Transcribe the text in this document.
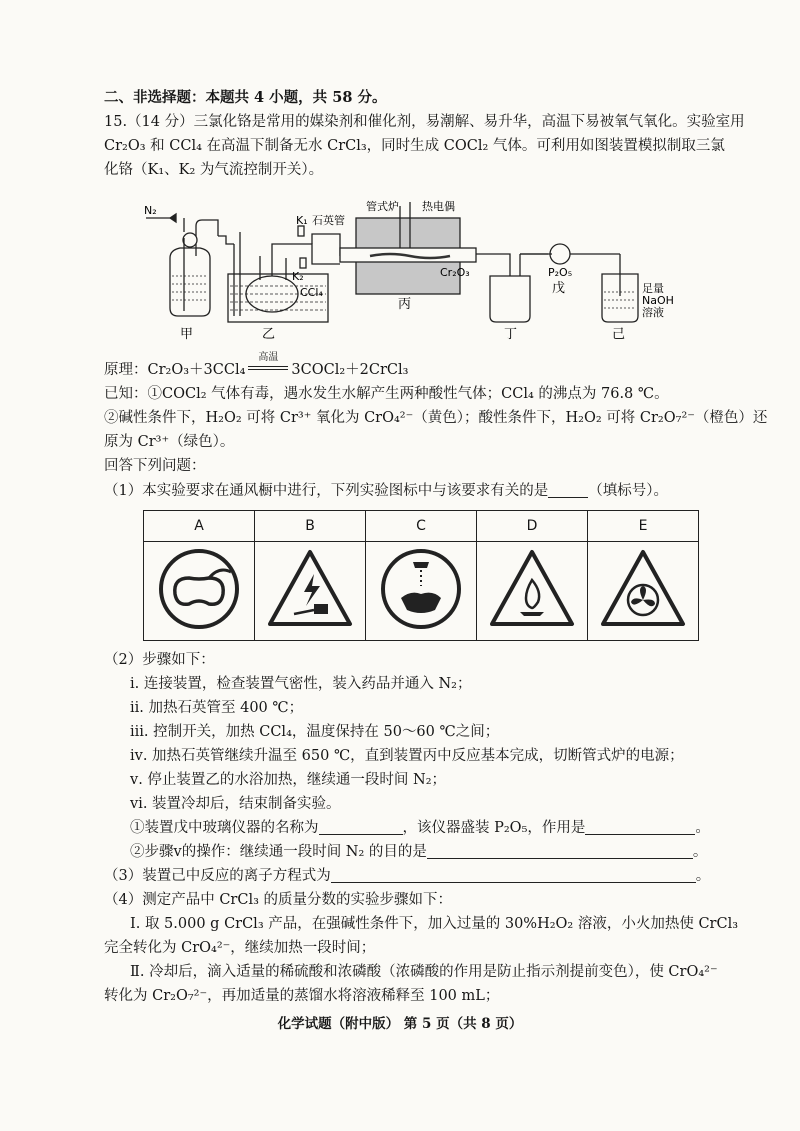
二、非选择题：本题共 4 小题，共 58 分。
15.（14 分）三氯化铬是常用的媒染剂和催化剂，易潮解、易升华，高温下易被氧气氧化。实验室用
Cr₂O₃ 和 CCl₄ 在高温下制备无水 CrCl₃，同时生成 COCl₂ 气体。可利用如图装置模拟制取三氯
化铬（K₁、K₂ 为气流控制开关）。
N₂
甲	乙
丙
丁
戊
己
K₁
K₂
CCl₄
石英管
管式炉 热电偶
Cr₂O₃	P₂O₅
足量
NaOH
溶液
原理：Cr₂O₃＋3CCl₄
高温
3COCl₂＋2CrCl₃
已知：①COCl₂ 气体有毒，遇水发生水解产生两种酸性气体；CCl₄ 的沸点为 76.8 ℃。
②碱性条件下，H₂O₂ 可将 Cr³⁺ 氧化为 CrO₄²⁻（黄色）；酸性条件下，H₂O₂ 可将 Cr₂O₇²⁻（橙色）还
原为 Cr³⁺（绿色）。
回答下列问题：
（1）本实验要求在通风橱中进行，下列实验图标中与该要求有关的是	（填标号）。
A	B	C	D	E

（2）步骤如下：
ⅰ. 连接装置，检查装置气密性，装入药品并通入 N₂；
ⅱ. 加热石英管至 400 ℃；
ⅲ. 控制开关，加热 CCl₄，温度保持在 50～60 ℃之间；
ⅳ. 加热石英管继续升温至 650 ℃，直到装置丙中反应基本完成，切断管式炉的电源；
ⅴ. 停止装置乙的水浴加热，继续通一段时间 N₂；
ⅵ. 装置冷却后，结束制备实验。
①装置戊中玻璃仪器的名称为	，该仪器盛装 P₂O₅，作用是	。
②步骤ⅴ的操作：继续通一段时间 N₂ 的目的是	。
（3）装置己中反应的离子方程式为	。
（4）测定产品中 CrCl₃ 的质量分数的实验步骤如下：
Ⅰ. 取 5.000 g CrCl₃ 产品，在强碱性条件下，加入过量的 30%H₂O₂ 溶液，小火加热使 CrCl₃
完全转化为 CrO₄²⁻，继续加热一段时间；
Ⅱ. 冷却后，滴入适量的稀硫酸和浓磷酸（浓磷酸的作用是防止指示剂提前变色），使 CrO₄²⁻
转化为 Cr₂O₇²⁻，再加适量的蒸馏水将溶液稀释至 100 mL；
化学试题（附中版） 第 5 页（共 8 页）
